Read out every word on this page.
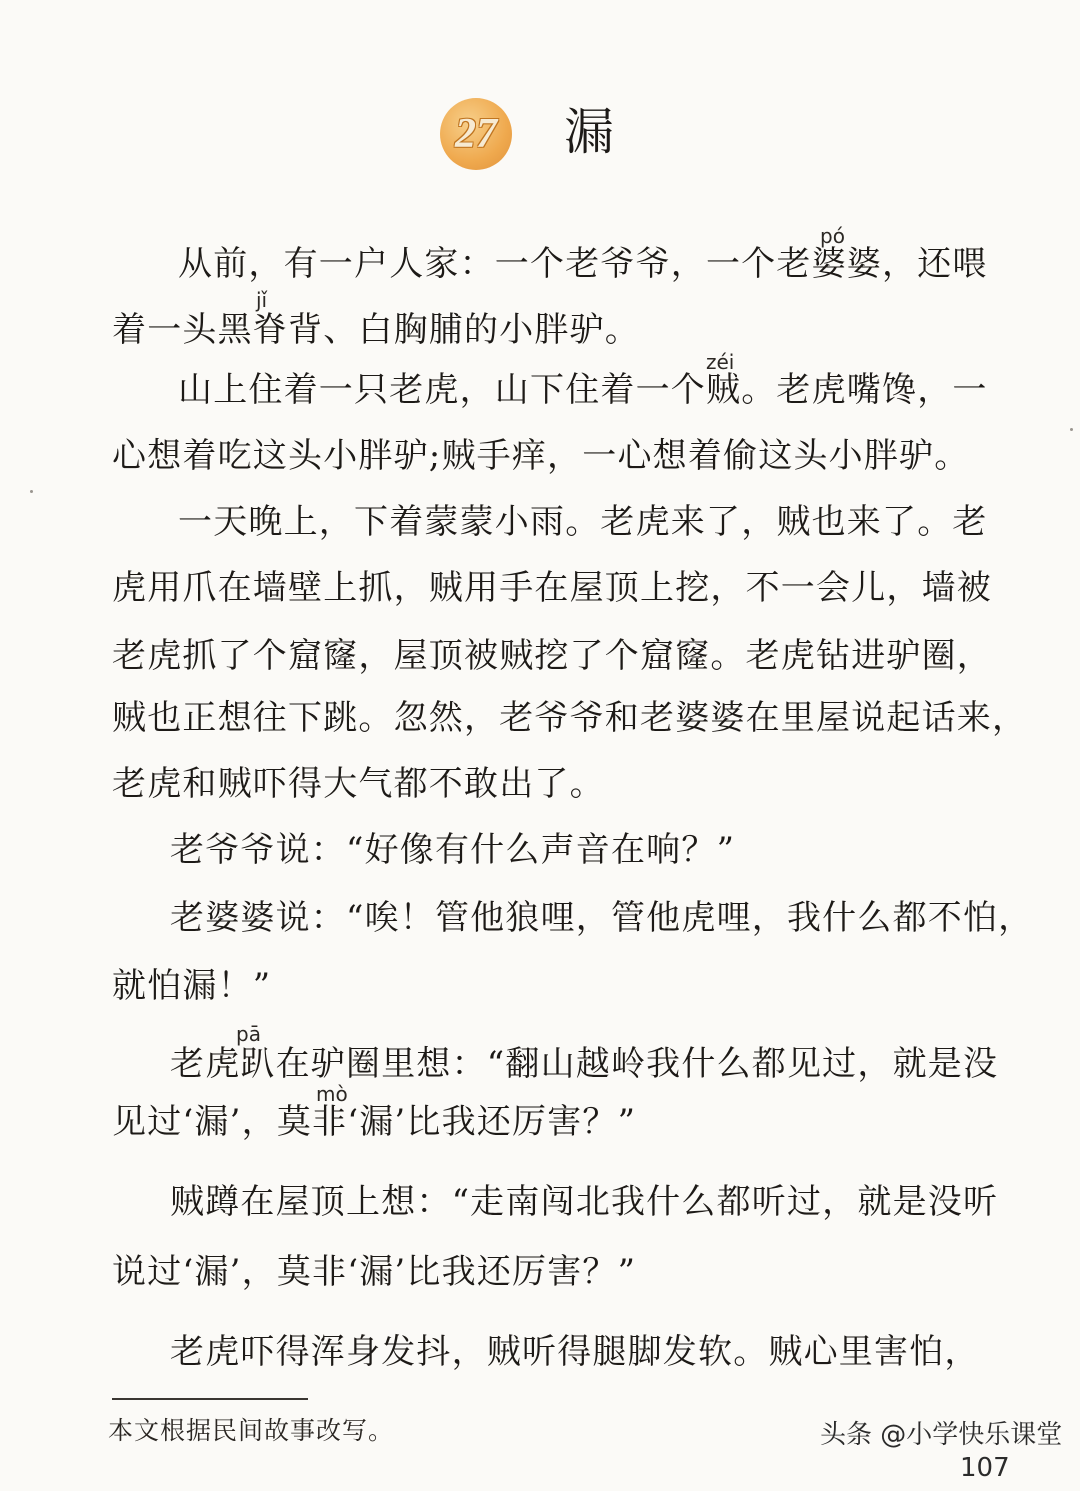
27	漏
pó
jǐ
zéi
pā
mò
从前，有一户人家：一个老爷爷，一个老婆婆，还喂
着一头黑脊背、白胸脯的小胖驴。
山上住着一只老虎，山下住着一个贼。老虎嘴馋，一
心想着吃这头小胖驴;贼手痒，一心想着偷这头小胖驴。
一天晚上，下着蒙蒙小雨。老虎来了，贼也来了。老
虎用爪在墙壁上抓，贼用手在屋顶上挖，不一会儿，墙被
老虎抓了个窟窿，屋顶被贼挖了个窟窿。老虎钻进驴圈，
贼也正想往下跳。忽然，老爷爷和老婆婆在里屋说起话来，
老虎和贼吓得大气都不敢出了。
老爷爷说：“好像有什么声音在响？”
老婆婆说：“唉！管他狼哩，管他虎哩，我什么都不怕，
就怕漏！”
老虎趴在驴圈里想：“翻山越岭我什么都见过，就是没
见过‘漏’，莫非‘漏’比我还厉害？”
贼蹲在屋顶上想：“走南闯北我什么都听过，就是没听
说过‘漏’，莫非‘漏’比我还厉害？”
老虎吓得浑身发抖，贼听得腿脚发软。贼心里害怕，
本文根据民间故事改写。	头条 @小学快乐课堂
107
